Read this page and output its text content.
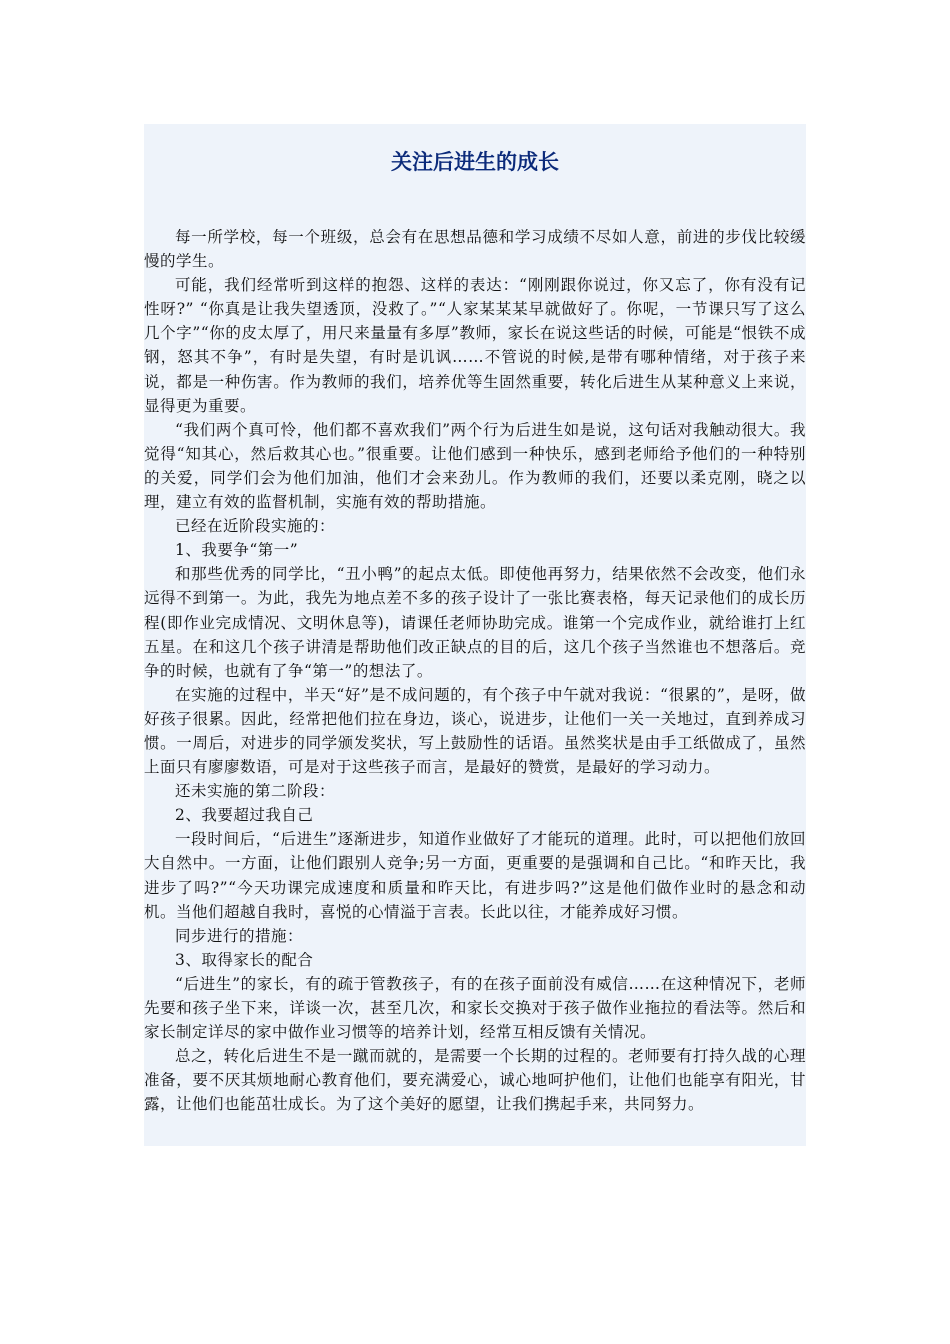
关注后进生的成长

每一所学校，每一个班级，总会有在思想品德和学习成绩不尽如人意，前进的步伐比较缓慢的学生。

可能，我们经常听到这样的抱怨、这样的表达：“刚刚跟你说过，你又忘了，你有没有记性呀?” “你真是让我失望透顶，没救了。”“人家某某某早就做好了。你呢，一节课只写了这么几个字”“你的皮太厚了，用尺来量量有多厚”教师，家长在说这些话的时候，可能是“恨铁不成钢，怒其不争”，有时是失望，有时是讥讽……不管说的时候,是带有哪种情绪，对于孩子来说，都是一种伤害。作为教师的我们，培养优等生固然重要，转化后进生从某种意义上来说，显得更为重要。

“我们两个真可怜，他们都不喜欢我们”两个行为后进生如是说，这句话对我触动很大。我觉得“知其心，然后救其心也。”很重要。让他们感到一种快乐，感到老师给予他们的一种特别的关爱，同学们会为他们加油，他们才会来劲儿。作为教师的我们，还要以柔克刚，晓之以理，建立有效的监督机制，实施有效的帮助措施。

已经在近阶段实施的：

1、我要争“第一”

和那些优秀的同学比，“丑小鸭”的起点太低。即使他再努力，结果依然不会改变，他们永远得不到第一。为此，我先为地点差不多的孩子设计了一张比赛表格，每天记录他们的成长历程(即作业完成情况、文明休息等)，请课任老师协助完成。谁第一个完成作业，就给谁打上红五星。在和这几个孩子讲清是帮助他们改正缺点的目的后，这几个孩子当然谁也不想落后。竞争的时候，也就有了争“第一”的想法了。

在实施的过程中，半天“好”是不成问题的，有个孩子中午就对我说：“很累的”，是呀，做好孩子很累。因此，经常把他们拉在身边，谈心，说进步，让他们一关一关地过，直到养成习惯。一周后，对进步的同学颁发奖状，写上鼓励性的话语。虽然奖状是由手工纸做成了，虽然上面只有廖廖数语，可是对于这些孩子而言，是最好的赞赏，是最好的学习动力。

还未实施的第二阶段：

2、我要超过我自己

一段时间后，“后进生”逐渐进步，知道作业做好了才能玩的道理。此时，可以把他们放回大自然中。一方面，让他们跟别人竞争;另一方面，更重要的是强调和自己比。“和昨天比，我进步了吗?”“今天功课完成速度和质量和昨天比，有进步吗?”这是他们做作业时的悬念和动机。当他们超越自我时，喜悦的心情溢于言表。长此以往，才能养成好习惯。

同步进行的措施：

3、取得家长的配合

“后进生”的家长，有的疏于管教孩子，有的在孩子面前没有威信……在这种情况下，老师先要和孩子坐下来，详谈一次，甚至几次，和家长交换对于孩子做作业拖拉的看法等。然后和家长制定详尽的家中做作业习惯等的培养计划，经常互相反馈有关情况。

总之，转化后进生不是一蹴而就的，是需要一个长期的过程的。老师要有打持久战的心理准备，要不厌其烦地耐心教育他们，要充满爱心，诚心地呵护他们，让他们也能享有阳光，甘露，让他们也能茁壮成长。为了这个美好的愿望，让我们携起手来，共同努力。
